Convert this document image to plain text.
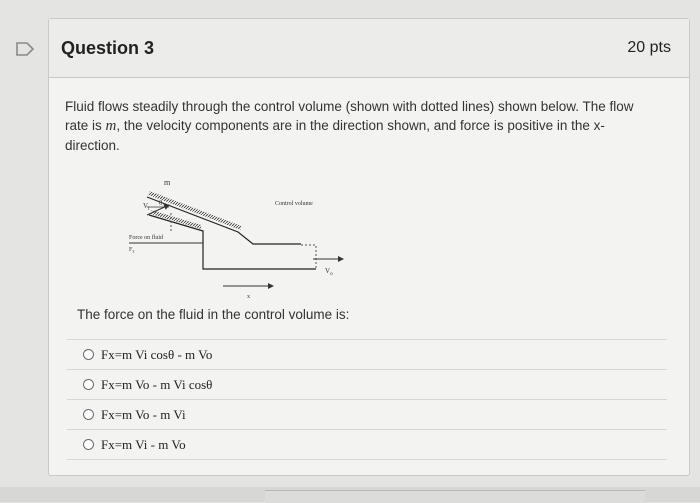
Question 3	20 pts
Fluid flows steadily through the control volume (shown with dotted lines) shown below. The flow rate is m, the velocity components are in the direction shown, and force is positive in the x-direction.
m
θ
$V_i$
Control volume
Force on fluid
$F_x$
$V_o$
x
The force on the fluid in the control volume is:
Fx=m Vi cosθ - m Vo
Fx=m Vo - m Vi cosθ
Fx=m Vo - m Vi
Fx=m Vi - m Vo
